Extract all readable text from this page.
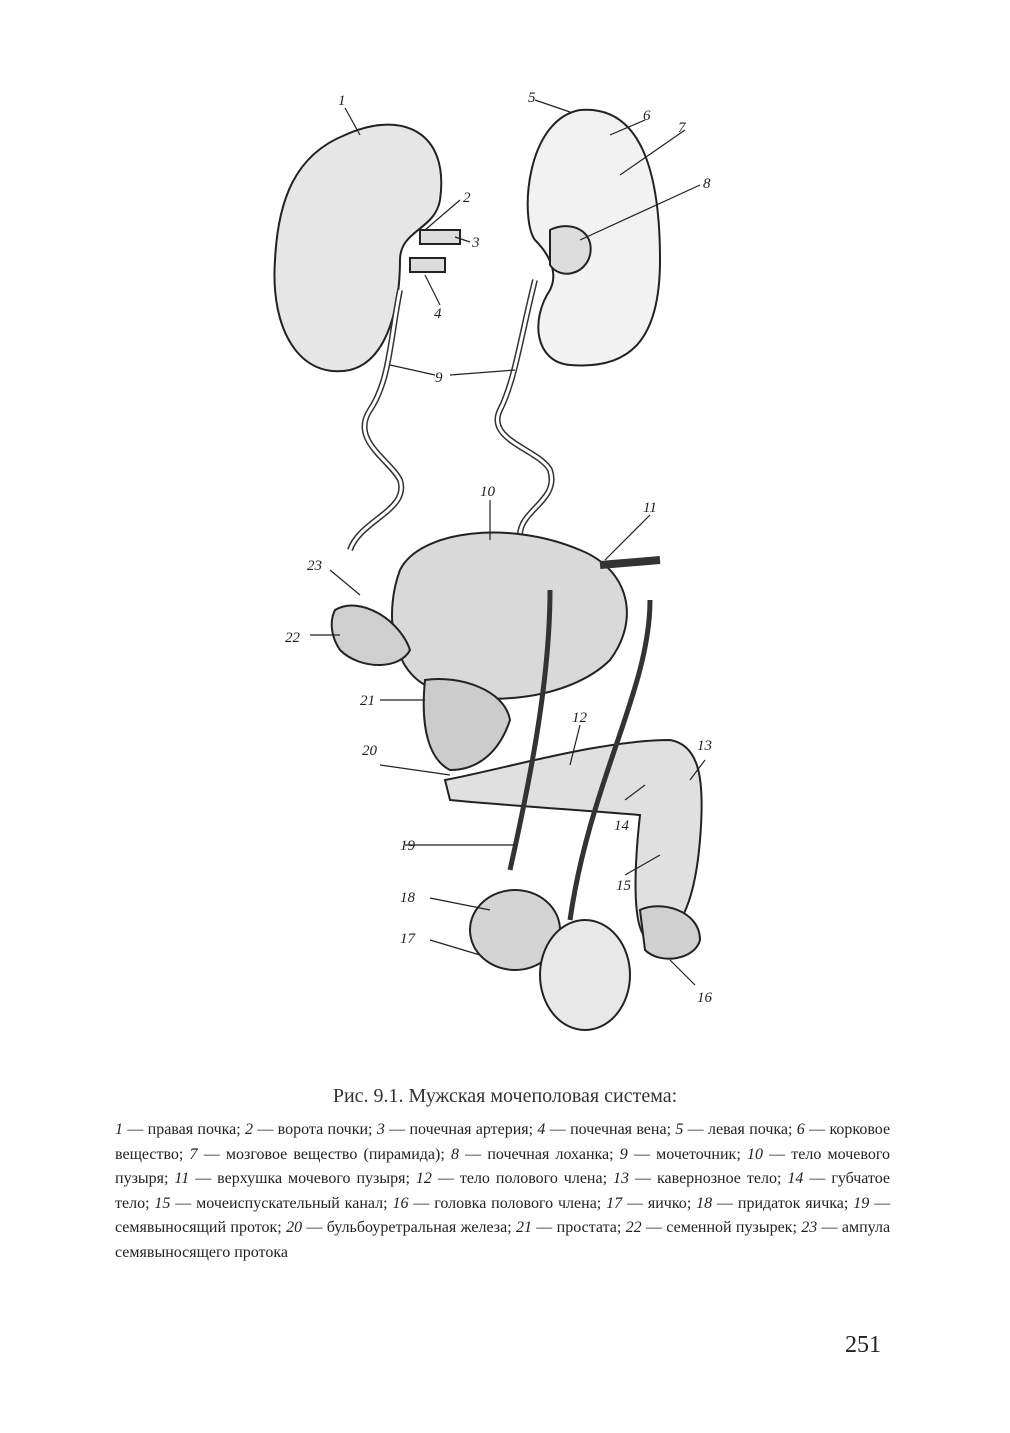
1
2
3
4
5
6
7
8
9
10
11
12
13
14
15
16
17
18
19
20
21
22
23
Рис. 9.1. Мужская мочеполовая система:
1 — правая почка; 2 — ворота почки; 3 — почечная артерия; 4 — почечная вена; 5 — левая почка; 6 — корковое вещество; 7 — мозговое вещество (пирамида); 8 — почечная лоханка; 9 — мочеточник; 10 — тело мочевого пузыря; 11 — верхушка мочевого пузыря; 12 — тело полового члена; 13 — кавернозное тело; 14 — губчатое тело; 15 — мочеиспускательный канал; 16 — головка полового члена; 17 — яичко; 18 — придаток яичка; 19 — семявыносящий проток; 20 — бульбоуретральная железа; 21 — простата; 22 — семенной пузырек; 23 — ампула семявыносящего протока
251
